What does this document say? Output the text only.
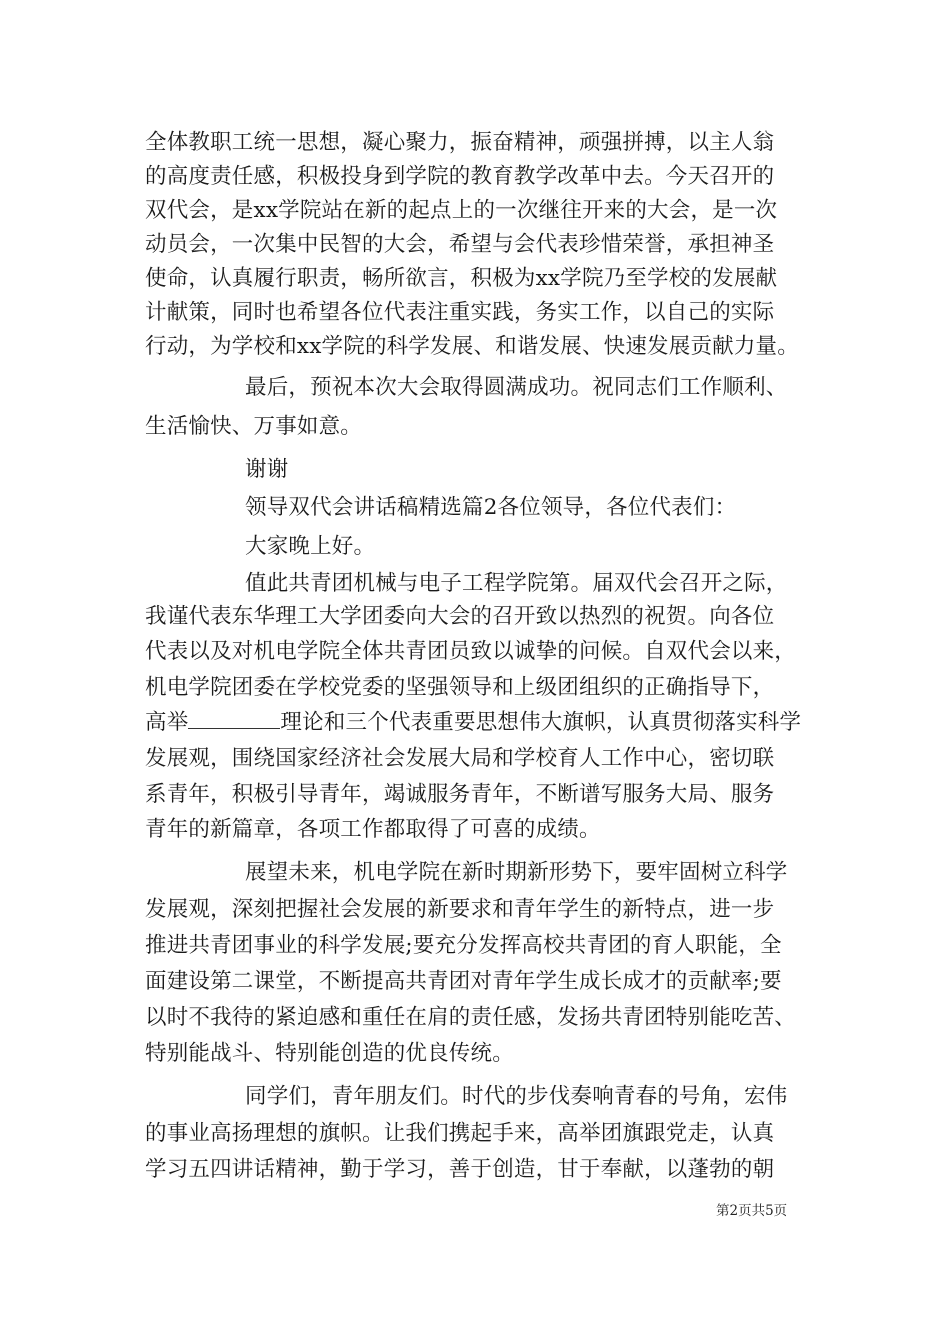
全体教职工统一思想，凝心聚力，振奋精神，顽强拼搏，以主人翁
的高度责任感，积极投身到学院的教育教学改革中去。今天召开的
双代会，是xx学院站在新的起点上的一次继往开来的大会，是一次
动员会，一次集中民智的大会，希望与会代表珍惜荣誉，承担神圣
使命，认真履行职责，畅所欲言，积极为xx学院乃至学校的发展献
计献策，同时也希望各位代表注重实践，务实工作，以自己的实际
行动，为学校和xx学院的科学发展、和谐发展、快速发展贡献力量。
最后，预祝本次大会取得圆满成功。祝同志们工作顺利、
生活愉快、万事如意。
谢谢
领导双代会讲话稿精选篇2各位领导，各位代表们：
大家晚上好。
值此共青团机械与电子工程学院第。届双代会召开之际，
我谨代表东华理工大学团委向大会的召开致以热烈的祝贺。向各位
代表以及对机电学院全体共青团员致以诚挚的问候。自双代会以来，
机电学院团委在学校党委的坚强领导和上级团组织的正确指导下，
高举	理论和三个代表重要思想伟大旗帜，认真贯彻落实科学
发展观，围绕国家经济社会发展大局和学校育人工作中心，密切联
系青年，积极引导青年，竭诚服务青年，不断谱写服务大局、服务
青年的新篇章，各项工作都取得了可喜的成绩。
展望未来，机电学院在新时期新形势下，要牢固树立科学
发展观，深刻把握社会发展的新要求和青年学生的新特点，进一步
推进共青团事业的科学发展;要充分发挥高校共青团的育人职能，全
面建设第二课堂，不断提高共青团对青年学生成长成才的贡献率;要
以时不我待的紧迫感和重任在肩的责任感，发扬共青团特别能吃苦、
特别能战斗、特别能创造的优良传统。
同学们，青年朋友们。时代的步伐奏响青春的号角，宏伟
的事业高扬理想的旗帜。让我们携起手来，高举团旗跟党走，认真
学习五四讲话精神，勤于学习，善于创造，甘于奉献，以蓬勃的朝
第2页共5页
